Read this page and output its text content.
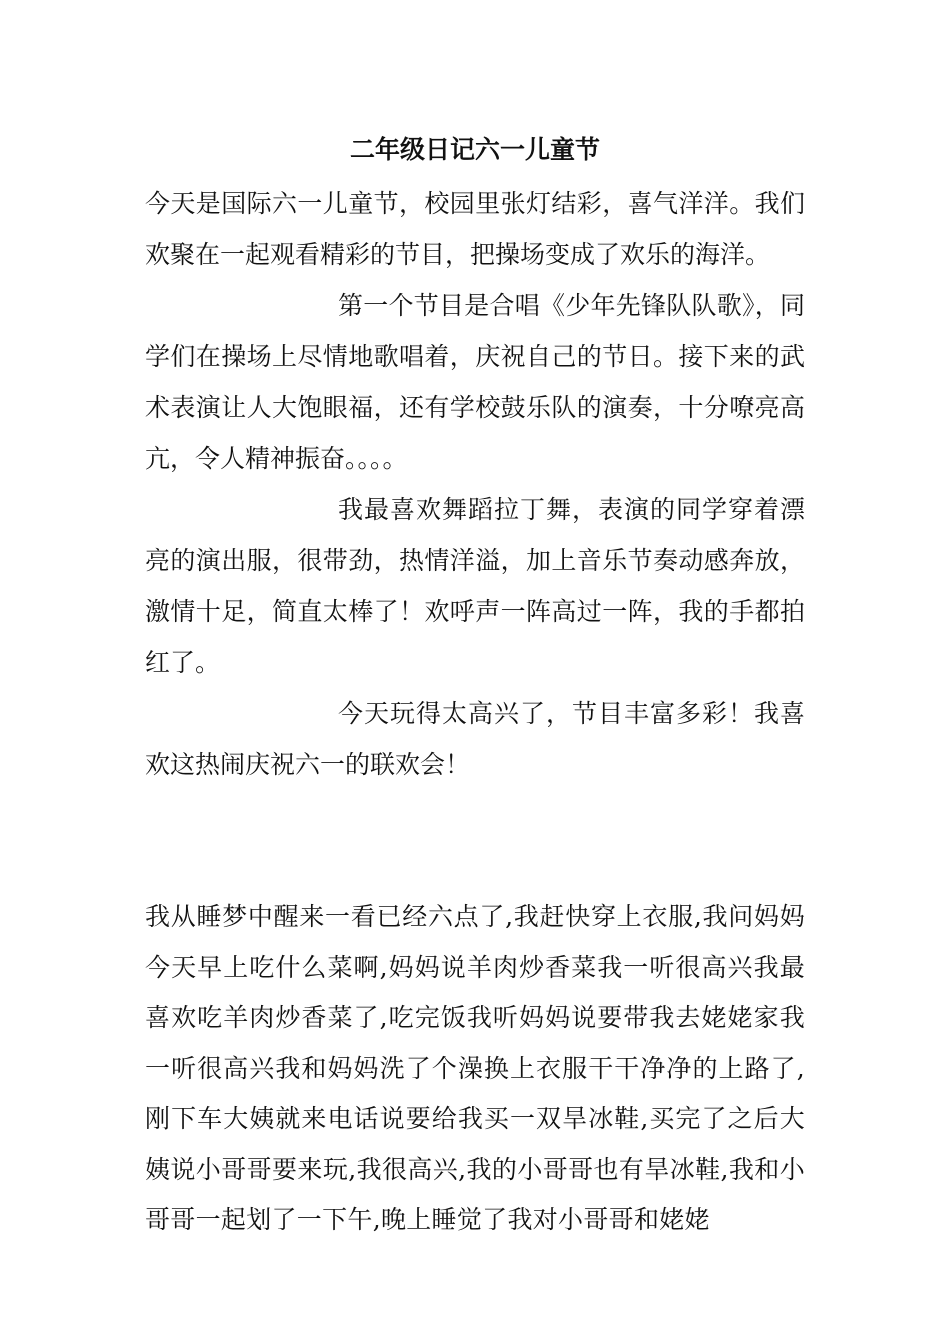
二年级日记六一儿童节

今天是国际六一儿童节，校园里张灯结彩，喜气洋洋。我们欢聚在一起观看精彩的节目，把操场变成了欢乐的海洋。

第一个节目是合唱《少年先锋队队歌》，同学们在操场上尽情地歌唱着，庆祝自己的节日。接下来的武术表演让人大饱眼福，还有学校鼓乐队的演奏，十分嘹亮高亢，令人精神振奋。。。。

我最喜欢舞蹈拉丁舞，表演的同学穿着漂亮的演出服，很带劲，热情洋溢，加上音乐节奏动感奔放，激情十足，简直太棒了！欢呼声一阵高过一阵，我的手都拍红了。

今天玩得太高兴了，节目丰富多彩！我喜欢这热闹庆祝六一的联欢会！

我从睡梦中醒来一看已经六点了,我赶快穿上衣服,我问妈妈今天早上吃什么菜啊,妈妈说羊肉炒香菜我一听很高兴我最喜欢吃羊肉炒香菜了,吃完饭我听妈妈说要带我去姥姥家我一听很高兴我和妈妈洗了个澡换上衣服干干净净的上路了,刚下车大姨就来电话说要给我买一双旱冰鞋,买完了之后大姨说小哥哥要来玩,我很高兴,我的小哥哥也有旱冰鞋,我和小哥哥一起划了一下午,晚上睡觉了我对小哥哥和姥姥
